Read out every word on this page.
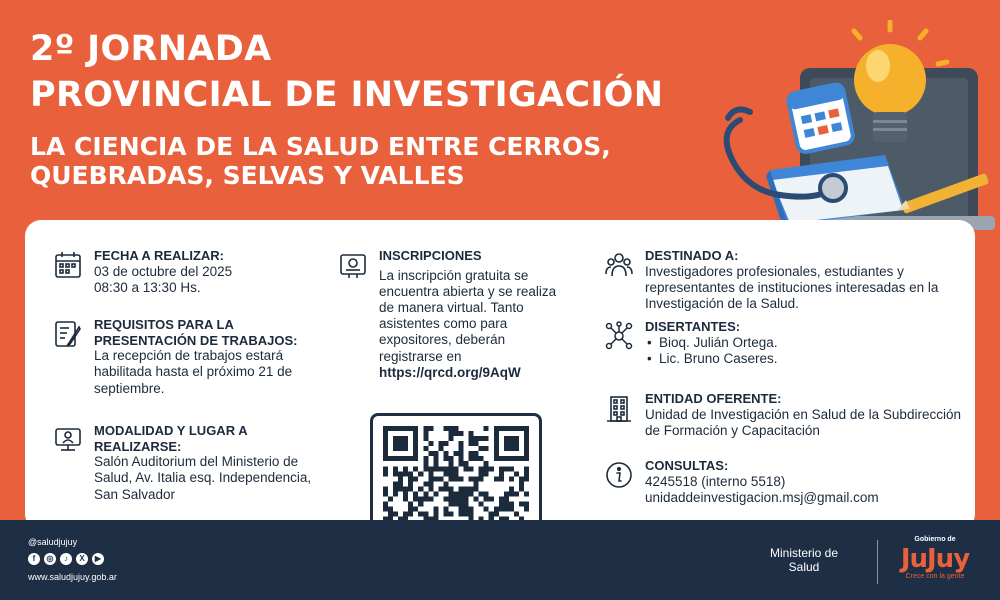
2º JORNADA
PROVINCIAL DE INVESTIGACIÓN
LA CIENCIA DE LA SALUD ENTRE CERROS, QUEBRADAS, SELVAS Y VALLES
FECHA A REALIZAR:
03 de octubre del 2025
08:30 a 13:30 Hs.
REQUISITOS PARA LA PRESENTACIÓN DE TRABAJOS:
La recepción de trabajos estará habilitada hasta el próximo 21 de septiembre.
MODALIDAD Y LUGAR A REALIZARSE:
Salón Auditorium del Ministerio de Salud, Av. Italia esq. Independencia, San Salvador
INSCRIPCIONES
La inscripción gratuita se encuentra abierta y se realiza de manera virtual. Tanto asistentes como para expositores, deberán registrarse en
https://qrcd.org/9AqW
DESTINADO A:
Investigadores profesionales, estudiantes y representantes de instituciones interesadas en la Investigación de la Salud.
DISERTANTES:
• Bioq. Julián Ortega.
• Lic. Bruno Caseres.
ENTIDAD OFERENTE:
Unidad de Investigación en Salud de la Subdirección de Formación y Capacitación
CONSULTAS:
4245518 (interno 5518)
unidaddeinvestigacion.msj@gmail.com
@saludjujuy
f	◎	♪	X	▶
www.saludjujuy.gob.ar
Ministerio de
Salud
Gobierno de
JuJuy
Crece con la gente
